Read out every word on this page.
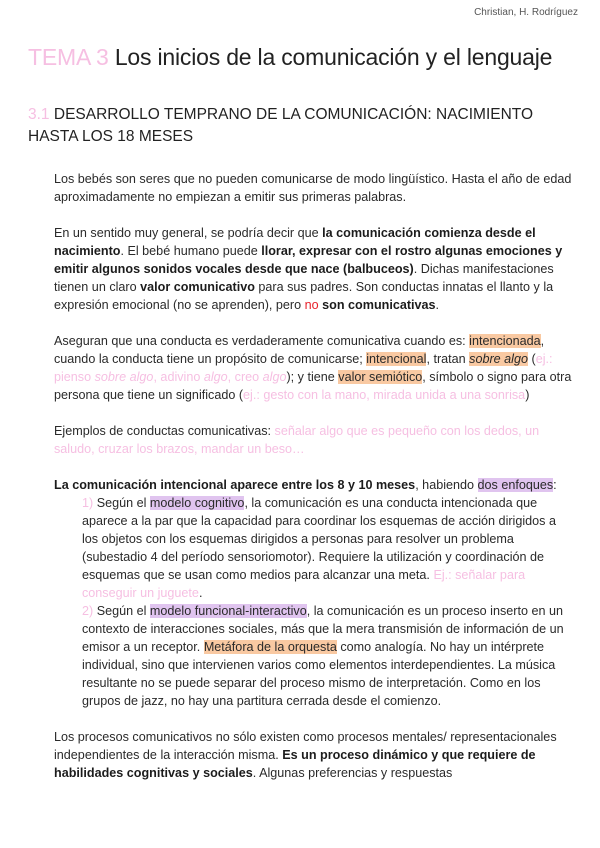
Christian, H. Rodríguez
TEMA 3 Los inicios de la comunicación y el lenguaje
3.1 DESARROLLO TEMPRANO DE LA COMUNICACIÓN: NACIMIENTO HASTA LOS 18 MESES

Los bebés son seres que no pueden comunicarse de modo lingüístico. Hasta el año de edad aproximadamente no empiezan a emitir sus primeras palabras.

En un sentido muy general, se podría decir que la comunicación comienza desde el nacimiento. El bebé humano puede llorar, expresar con el rostro algunas emociones y emitir algunos sonidos vocales desde que nace (balbuceos). Dichas manifestaciones tienen un claro valor comunicativo para sus padres. Son conductas innatas el llanto y la expresión emocional (no se aprenden), pero no son comunicativas.

Aseguran que una conducta es verdaderamente comunicativa cuando es: intencionada, cuando la conducta tiene un propósito de comunicarse; intencional, tratan sobre algo (ej.: pienso sobre algo, adivino algo, creo algo); y tiene valor semiótico, símbolo o signo para otra persona que tiene un significado (ej.: gesto con la mano, mirada unida a una sonrisa)

Ejemplos de conductas comunicativas: señalar algo que es pequeño con los dedos, un saludo, cruzar los brazos, mandar un beso…

La comunicación intencional aparece entre los 8 y 10 meses, habiendo dos enfoques:

1) Según el modelo cognitivo, la comunicación es una conducta intencionada que aparece a la par que la capacidad para coordinar los esquemas de acción dirigidos a los objetos con los esquemas dirigidos a personas para resolver un problema (subestadio 4 del período sensoriomotor). Requiere la utilización y coordinación de esquemas que se usan como medios para alcanzar una meta. Ej.: señalar para conseguir un juguete.
2) Según el modelo funcional-interactivo, la comunicación es un proceso inserto en un contexto de interacciones sociales, más que la mera transmisión de información de un emisor a un receptor. Metáfora de la orquesta como analogía. No hay un intérprete individual, sino que intervienen varios como elementos interdependientes. La música resultante no se puede separar del proceso mismo de interpretación. Como en los grupos de jazz, no hay una partitura cerrada desde el comienzo.

Los procesos comunicativos no sólo existen como procesos mentales/ representacionales independientes de la interacción misma. Es un proceso dinámico y que requiere de habilidades cognitivas y sociales. Algunas preferencias y respuestas
